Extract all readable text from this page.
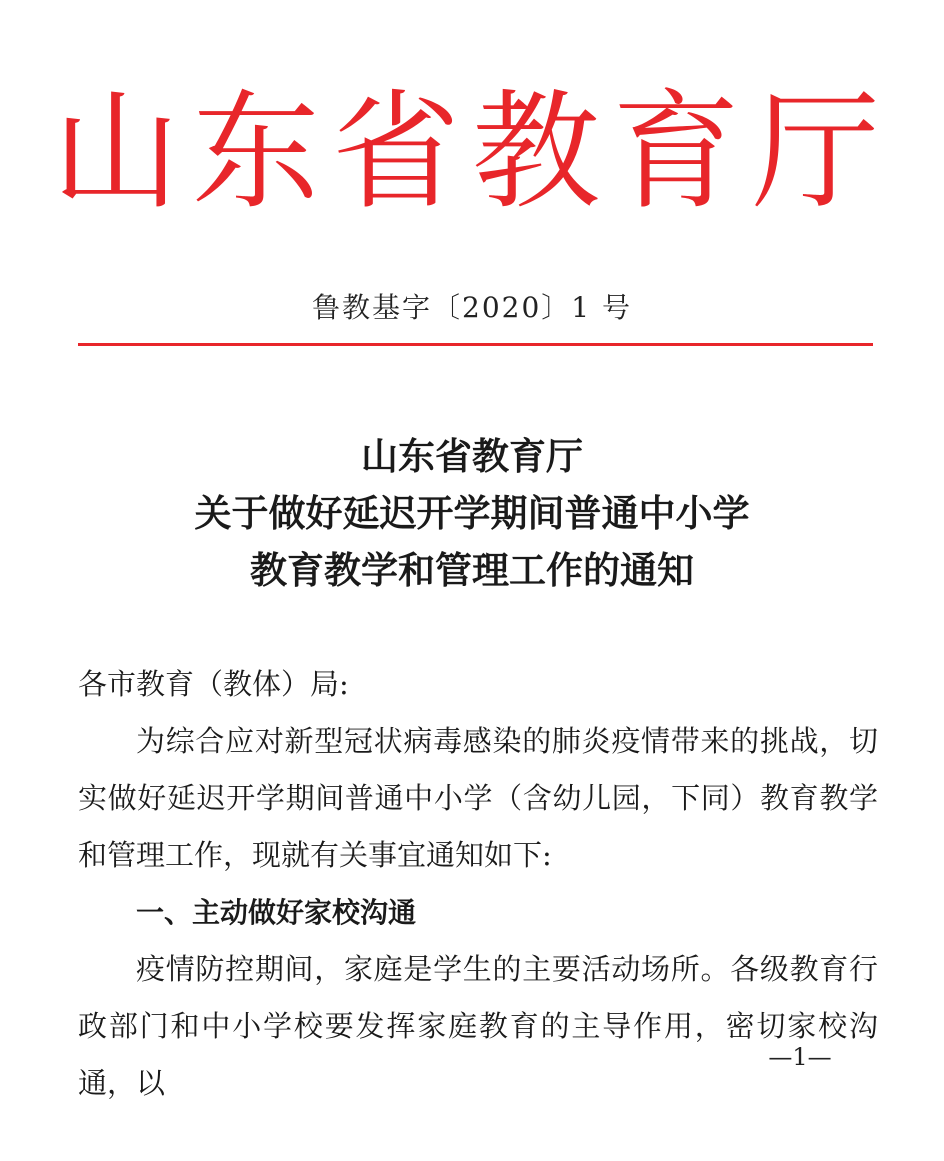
山东省教育厅
鲁教基字〔2020〕1 号
山东省教育厅
关于做好延迟开学期间普通中小学
教育教学和管理工作的通知

各市教育（教体）局:

为综合应对新型冠状病毒感染的肺炎疫情带来的挑战，切实做好延迟开学期间普通中小学（含幼儿园，下同）教育教学和管理工作，现就有关事宜通知如下:

一、主动做好家校沟通

疫情防控期间，家庭是学生的主要活动场所。各级教育行政部门和中小学校要发挥家庭教育的主导作用，密切家校沟通，以

—1—
